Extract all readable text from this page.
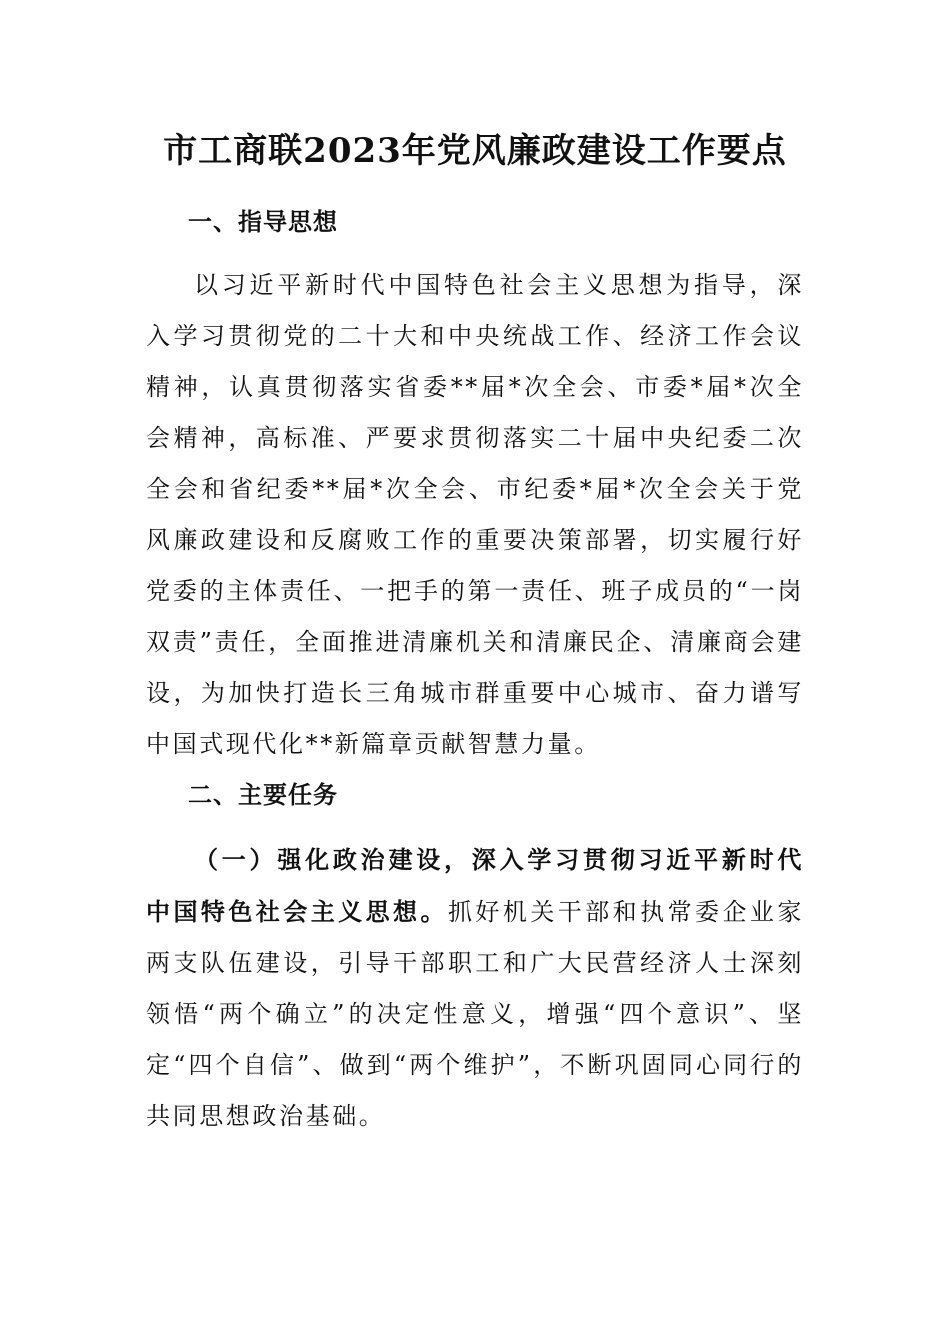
市工商联2023年党风廉政建设工作要点
一、指导思想
以习近平新时代中国特色社会主义思想为指导，深入学习贯彻党的二十大和中央统战工作、经济工作会议精神，认真贯彻落实省委**届*次全会、市委*届*次全会精神，高标准、严要求贯彻落实二十届中央纪委二次全会和省纪委**届*次全会、市纪委*届*次全会关于党风廉政建设和反腐败工作的重要决策部署，切实履行好党委的主体责任、一把手的第一责任、班子成员的“一岗双责”责任，全面推进清廉机关和清廉民企、清廉商会建设，为加快打造长三角城市群重要中心城市、奋力谱写中国式现代化**新篇章贡献智慧力量。
二、主要任务
（一）强化政治建设，深入学习贯彻习近平新时代中国特色社会主义思想。抓好机关干部和执常委企业家两支队伍建设，引导干部职工和广大民营经济人士深刻领悟“两个确立”的决定性意义，增强“四个意识”、坚定“四个自信”、做到“两个维护”，不断巩固同心同行的共同思想政治基础。
